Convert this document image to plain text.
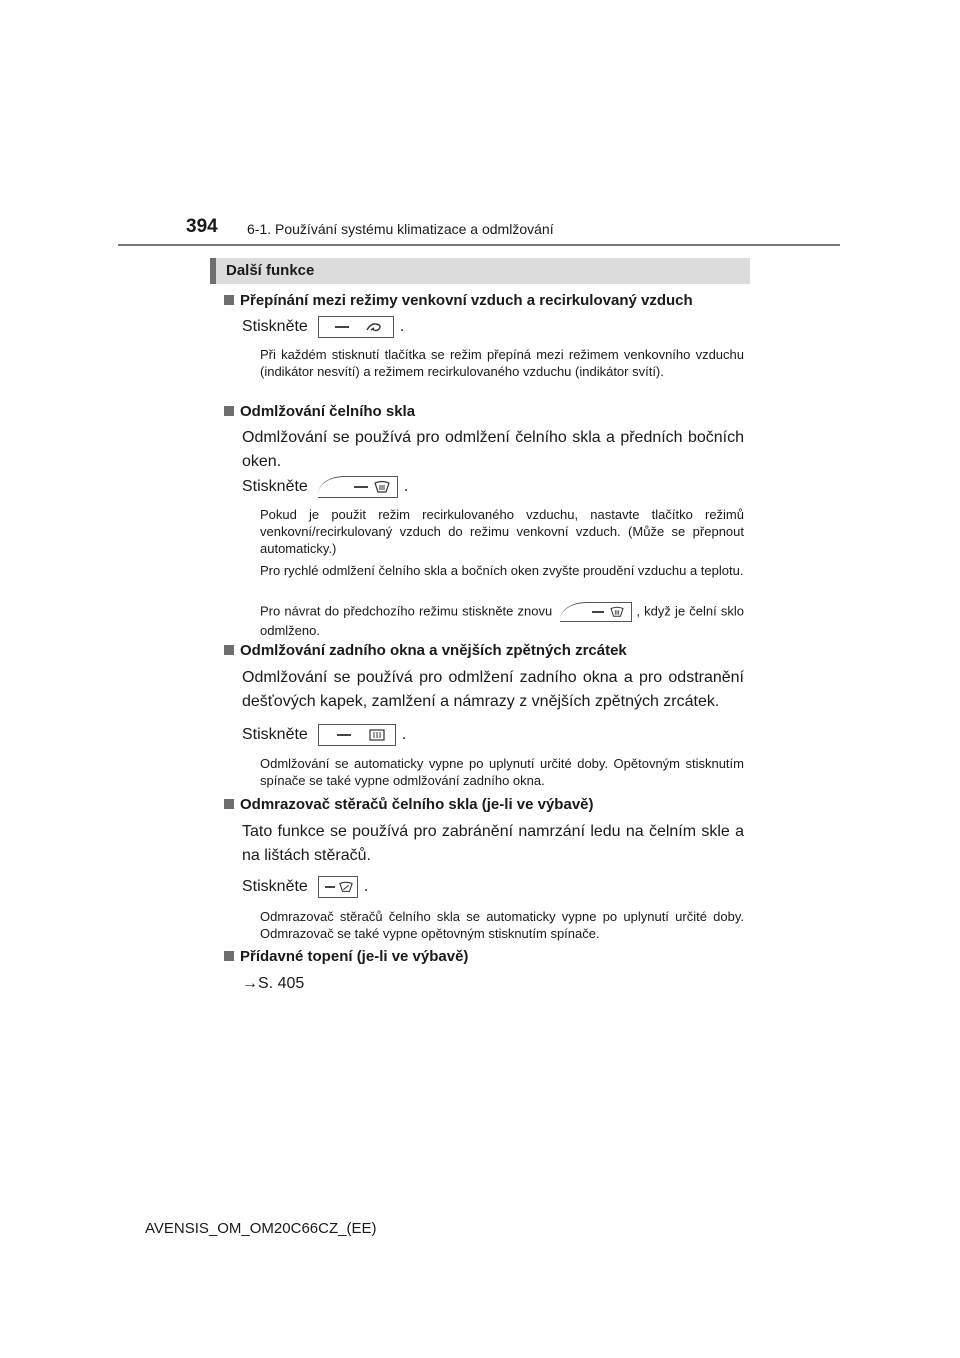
394 6-1. Používání systému klimatizace a odmlžování
Další funkce
Přepínání mezi režimy venkovní vzduch a recirkulovaný vzduch
Stiskněte	.
Při každém stisknutí tlačítka se režim přepíná mezi režimem venkovního vzduchu (indikátor nesvítí) a režimem recirkulovaného vzduchu (indikátor svítí).
Odmlžování čelního skla
Odmlžování se používá pro odmlžení čelního skla a předních bočních oken.
Stiskněte	.
Pokud je použit režim recirkulovaného vzduchu, nastavte tlačítko režimů venkovní/recirkulovaný vzduch do režimu venkovní vzduch. (Může se přepnout automaticky.)
Pro rychlé odmlžení čelního skla a bočních oken zvyšte proudění vzduchu a teplotu.
Pro návrat do předchozího režimu stiskněte znovu	, když je čelní sklo odmlženo.
Odmlžování zadního okna a vnějších zpětných zrcátek
Odmlžování se používá pro odmlžení zadního okna a pro odstranění dešťových kapek, zamlžení a námrazy z vnějších zpětných zrcátek.
Stiskněte	.
Odmlžování se automaticky vypne po uplynutí určité doby. Opětovným stisknutím spínače se také vypne odmlžování zadního okna.
Odmrazovač stěračů čelního skla (je-li ve výbavě)
Tato funkce se používá pro zabránění namrzání ledu na čelním skle a na lištách stěračů.
Stiskněte	.
Odmrazovač stěračů čelního skla se automaticky vypne po uplynutí určité doby. Odmrazovač se také vypne opětovným stisknutím spínače.
Přídavné topení (je-li ve výbavě)
→S. 405
AVENSIS_OM_OM20C66CZ_(EE)
